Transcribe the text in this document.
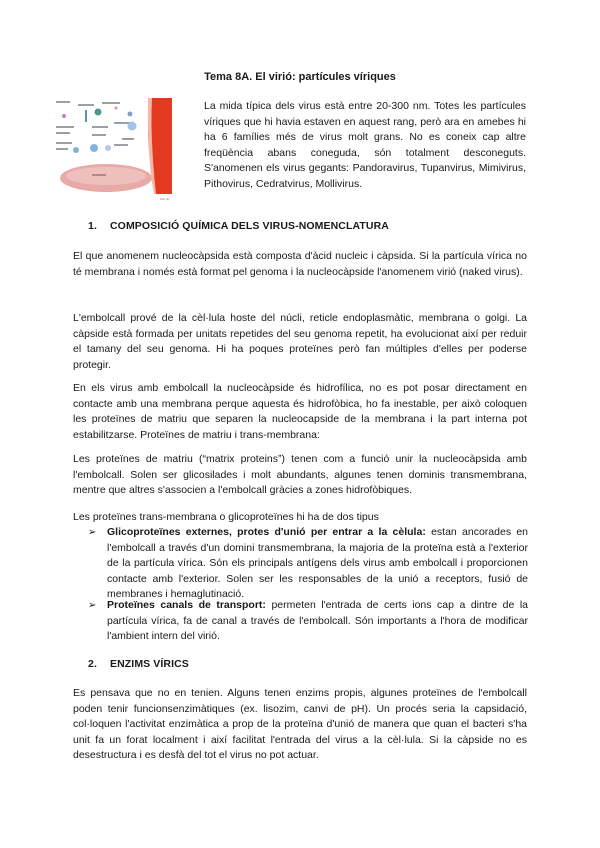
Tema 8A. El virió: partícules víriques
100 nm
La mida típica dels virus està entre 20-300 nm. Totes les partícules víriques que hi havia estaven en aquest rang, però ara en amebes hi ha 6 famílies més de virus molt grans. No es coneix cap altre freqüència abans coneguda, són totalment desconeguts. S'anomenen els virus gegants: Pandoravirus, Tupanvirus, Mimivirus, Pithovirus, Cedratvirus, Mollivirus.
1. COMPOSICIÓ QUÍMICA DELS VIRUS-NOMENCLATURA
El que anomenem nucleocàpsida està composta d'àcid nucleic i càpsida. Si la partícula vírica no té membrana i només està format pel genoma i la nucleocàpside l'anomenem virió (naked virus).
L'embolcall prové de la cèl·lula hoste del núcli, reticle endoplasmàtic, membrana o golgi. La càpside està formada per unitats repetides del seu genoma repetit, ha evolucionat així per reduir el tamany del seu genoma. Hi ha poques proteïnes però fan múltiples d'elles per poderse protegir.
En els virus amb embolcall la nucleocàpside és hidrofílica, no es pot posar directament en contacte amb una membrana perque aquesta és hidrofòbica, ho fa inestable, per això coloquen les proteïnes de matriu que separen la nucleocapside de la membrana i la part interna pot estabilitzarse. Proteïnes de matriu i trans-membrana:
Les proteïnes de matriu (“matrix proteins”) tenen com a funció unir la nucleocàpsida amb l'embolcall. Solen ser glicosilades i molt abundants, algunes tenen dominis transmembrana, mentre que altres s'associen a l'embolcall gràcies a zones hidrofòbiques.
Les proteïnes trans-membrana o glicoproteïnes hi ha de dos tipus
➢ Glicoproteïnes externes, protes d'unió per entrar a la cèlula: estan ancorades en l'embolcall a través d'un domini transmembrana, la majoria de la proteïna està a l'exterior de la partícula vírica. Són els principals antígens dels virus amb embolcall i proporcionen contacte amb l'exterior. Solen ser les responsables de la unió a receptors, fusió de membranes i hemaglutinació.
➢ Proteïnes canals de transport: permeten l'entrada de certs ions cap a dintre de la partícula vírica, fa de canal a través de l'embolcall. Són importants a l'hora de modificar l'ambient intern del virió.
2. ENZIMS VÍRICS
Es pensava que no en tenien. Alguns tenen enzims propis, algunes proteïnes de l'embolcall poden tenir funcionsenzimàtiques (ex. lisozim, canvi de pH). Un procés seria la capsidació, col·loquen l'activitat enzimàtica a prop de la proteïna d'unió de manera que quan el bacteri s'ha unit fa un forat localment i així facilitat l'entrada del virus a la cèl·lula. Si la càpside no es desestructura i es desfà del tot el virus no pot actuar.
